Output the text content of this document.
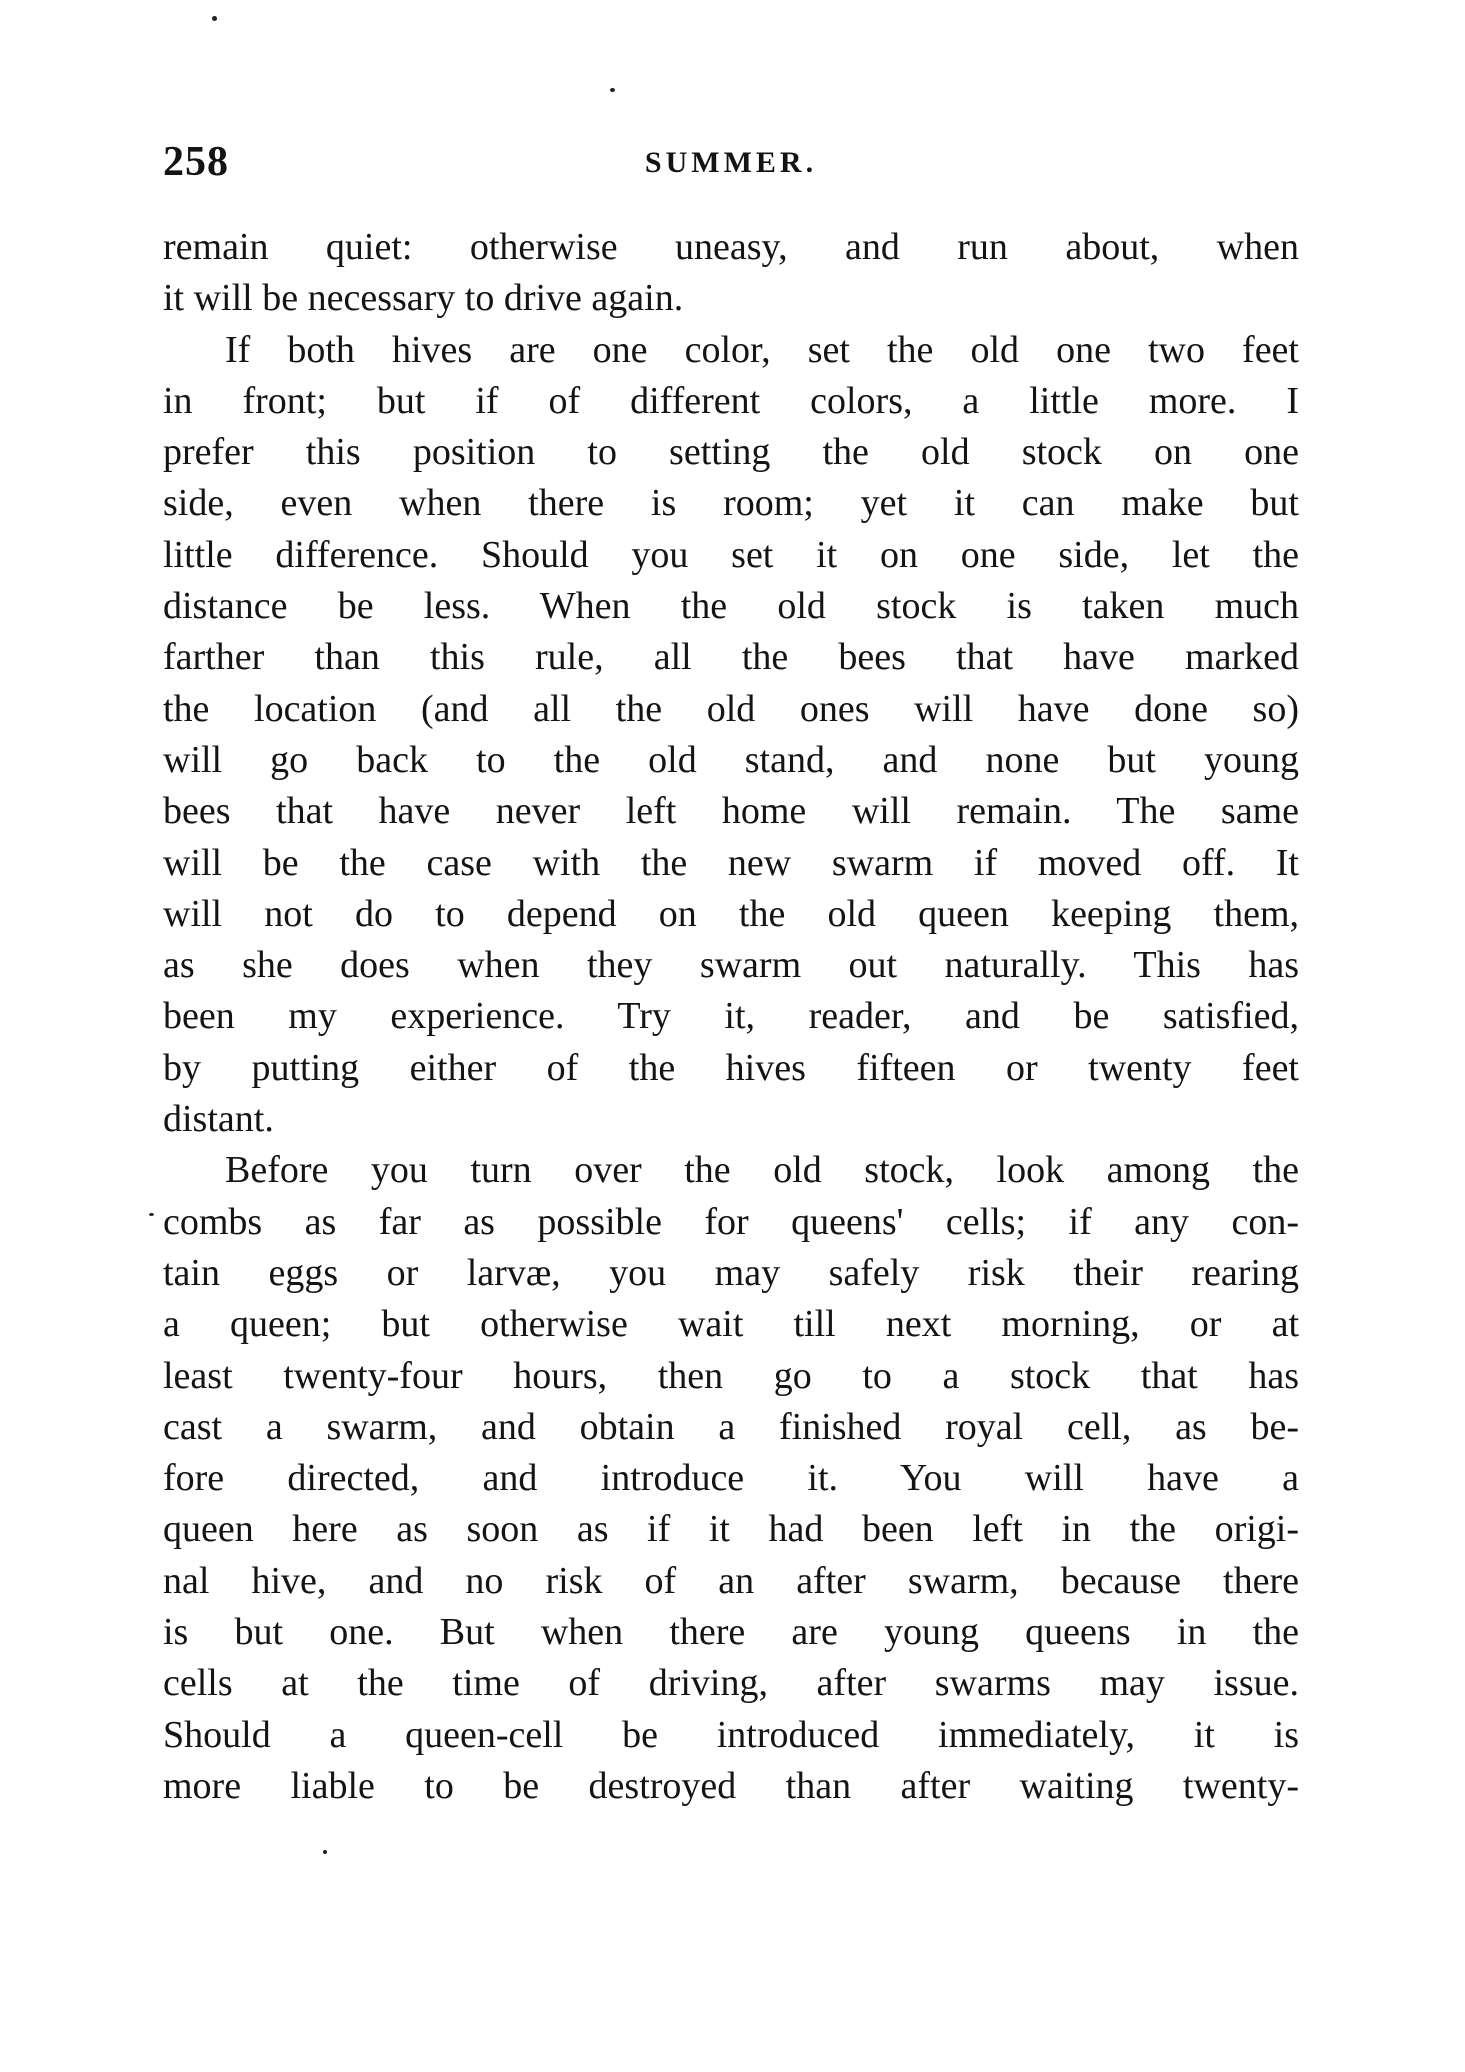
258	SUMMER.
remain quiet: otherwise uneasy, and run about, when
it will be necessary to drive again.
If both hives are one color, set the old one two feet
in front; but if of different colors, a little more. I
prefer this position to setting the old stock on one
side, even when there is room; yet it can make but
little difference. Should you set it on one side, let the
distance be less. When the old stock is taken much
farther than this rule, all the bees that have marked
the location (and all the old ones will have done so)
will go back to the old stand, and none but young
bees that have never left home will remain. The same
will be the case with the new swarm if moved off. It
will not do to depend on the old queen keeping them,
as she does when they swarm out naturally. This has
been my experience. Try it, reader, and be satisfied,
by putting either of the hives fifteen or twenty feet
distant.
Before you turn over the old stock, look among the
combs as far as possible for queens' cells; if any con-
tain eggs or larvæ, you may safely risk their rearing
a queen; but otherwise wait till next morning, or at
least twenty-four hours, then go to a stock that has
cast a swarm, and obtain a finished royal cell, as be-
fore directed, and introduce it. You will have a
queen here as soon as if it had been left in the origi-
nal hive, and no risk of an after swarm, because there
is but one. But when there are young queens in the
cells at the time of driving, after swarms may issue.
Should a queen-cell be introduced immediately, it is
more liable to be destroyed than after waiting twenty-
